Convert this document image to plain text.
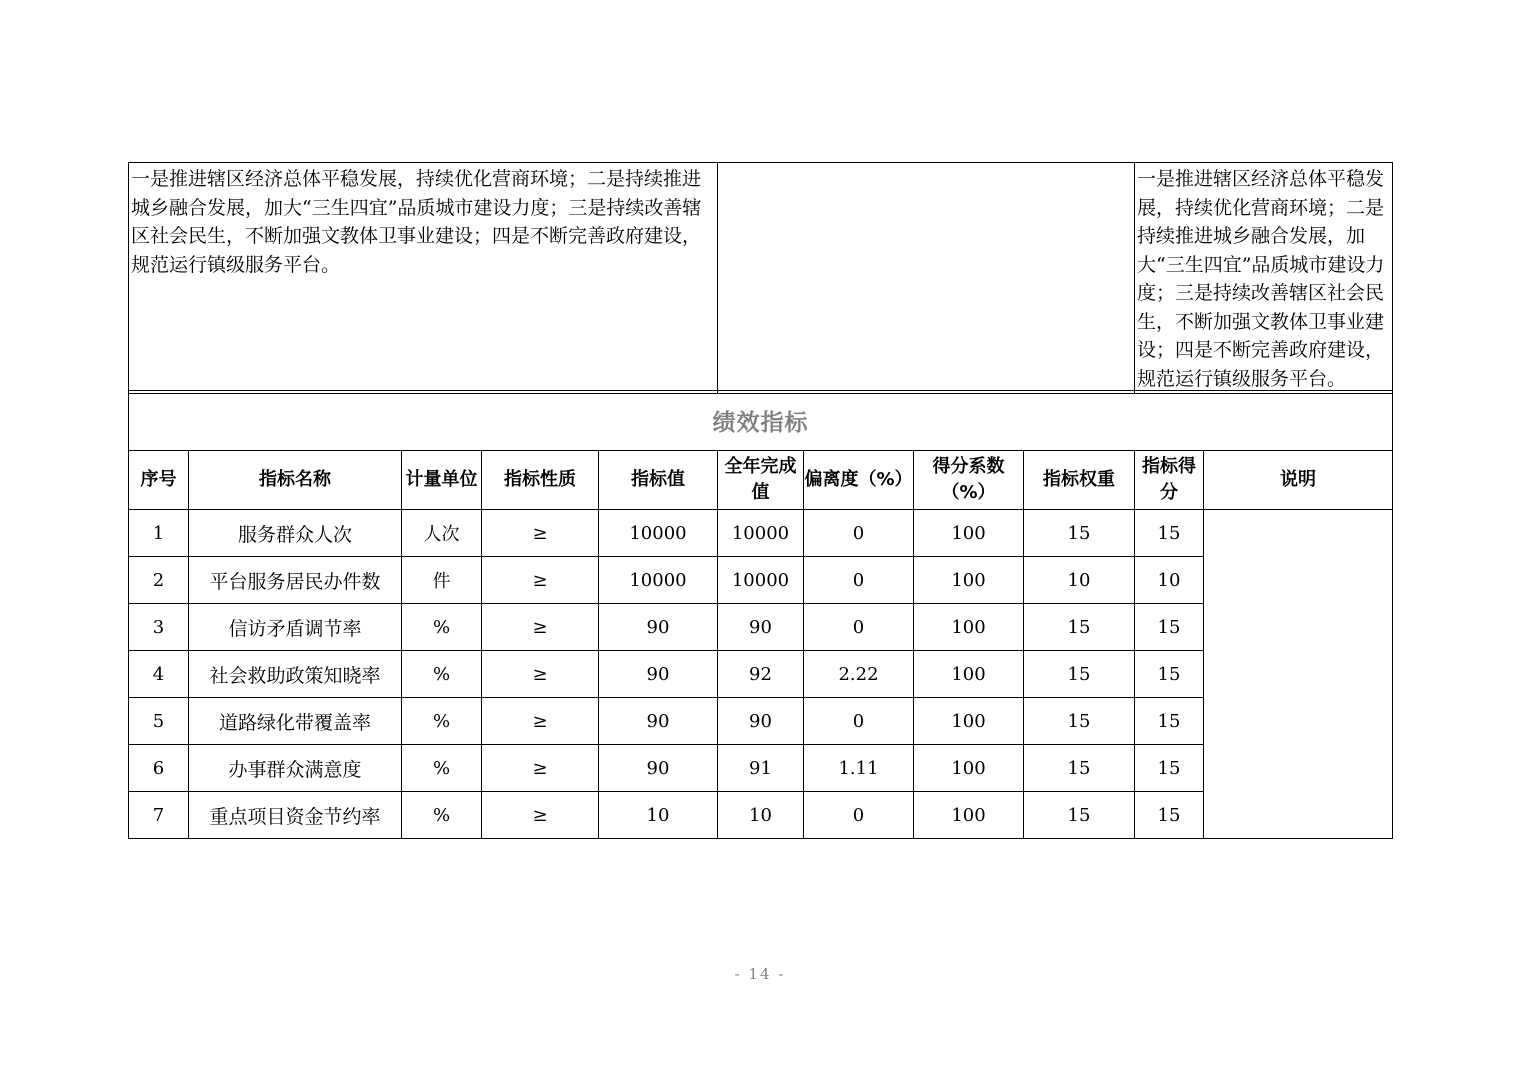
一是推进辖区经济总体平稳发展，持续优化营商环境；二是持续推进城乡融合发展，加大“三生四宜”品质城市建设力度；三是持续改善辖区社会民生，不断加强文教体卫事业建设；四是不断完善政府建设，规范运行镇级服务平台。		一是推进辖区经济总体平稳发展，持续优化营商环境；二是持续推进城乡融合发展，加大“三生四宜”品质城市建设力度；三是持续改善辖区社会民生，不断加强文教体卫事业建设；四是不断完善政府建设，规范运行镇级服务平台。
绩效指标										
序号	指标名称	计量单位	指标性质	指标值	全年完成值	偏离度（%）	得分系数（%）	指标权重	指标得分	说明
1	服务群众人次	人次	≥	10000	10000	0	100	15	15	
2	平台服务居民办件数	件	≥	10000	10000	0	100	10	10	
3	信访矛盾调节率	%	≥	90	90	0	100	15	15	
4	社会救助政策知晓率	%	≥	90	92	2.22	100	15	15	
5	道路绿化带覆盖率	%	≥	90	90	0	100	15	15	
6	办事群众满意度	%	≥	90	91	1.11	100	15	15	
7	重点项目资金节约率	%	≥	10	10	0	100	15	15	
- 14 -
